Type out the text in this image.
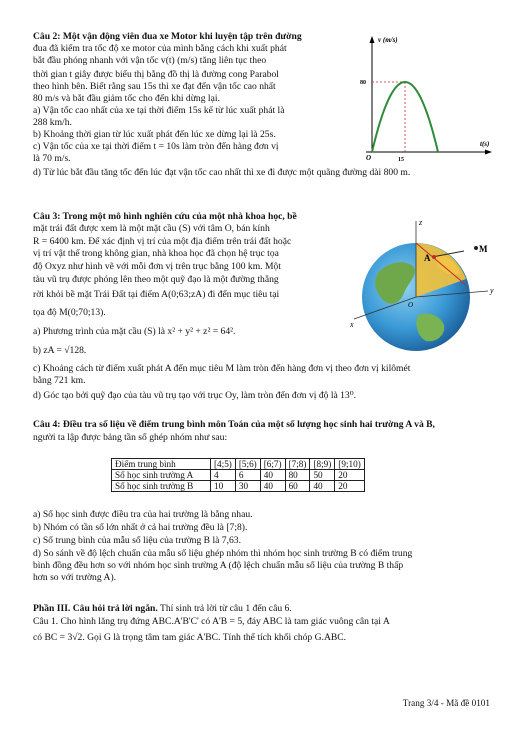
Câu 2: Một vận động viên đua xe Motor khi luyện tập trên đường

đua đã kiểm tra tốc độ xe motor của mình bằng cách khi xuất phát

bắt đầu phóng nhanh với vận tốc v(t) (m/s) tăng liên tục theo

thời gian t giây được biểu thị bằng đồ thị là đường cong Parabol

theo hình bên. Biết rằng sau 15s thì xe đạt đến vận tốc cao nhất

80 m/s và bắt đầu giảm tốc cho đến khi dừng lại.

a) Vận tốc cao nhất của xe tại thời điểm 15s kể từ lúc xuất phát là

288 km/h.

b) Khoảng thời gian từ lúc xuất phát đến lúc xe dừng lại là 25s.

c) Vận tốc của xe tại thời điểm t = 10s làm tròn đến hàng đơn vị

là 70 m/s.

d) Từ lúc bắt đầu tăng tốc đến lúc đạt vận tốc cao nhất thì xe đi được một quãng đường dài 800 m.

v (m/s)
t(s)
O
80
15

Câu 3: Trong một mô hình nghiên cứu của một nhà khoa học, bề

mặt trái đất được xem là một mặt cầu (S) với tâm O, bán kính

R = 6400 km. Để xác định vị trí của một địa điểm trên trái đất hoặc

vị trí vật thể trong không gian, nhà khoa học đã chọn hệ trục tọa

độ Oxyz như hình vẽ với mỗi đơn vị trên trục bằng 100 km. Một

tàu vũ trụ được phóng lên theo một quỹ đạo là một đường thẳng

rời khỏi bề mặt Trái Đất tại điểm A(0;63;zA) đi đến mục tiêu tại

tọa độ M(0;70;13).

a) Phương trình của mặt cầu (S) là x² + y² + z² = 64².

b) zA = √128.

c) Khoảng cách từ điểm xuất phát A đến mục tiêu M làm tròn đến hàng đơn vị theo đơn vị kilômét

bằng 721 km.

d) Góc tạo bởi quỹ đạo của tàu vũ trụ tạo với trục Oy, làm tròn đến đơn vị độ là 13⁰.

z
y
x
A
M
O

Câu 4: Điều tra số liệu về điểm trung bình môn Toán của một số lượng học sinh hai trường A và B,

người ta lập được bảng tần số ghép nhóm như sau:

Điểm trung bình	[4;5)	[5;6)	[6;7)	[7;8)	[8;9)	[9;10)
Số học sinh trường A	4	6	40	80	50	20
Số học sinh trường B	10	30	40	60	40	20

a) Số học sinh được điều tra của hai trường là bằng nhau.

b) Nhóm có tần số lớn nhất ở cả hai trường đều là [7;8).

c) Số trung bình của mẫu số liệu của trường B là 7,63.

d) So sánh về độ lệch chuẩn của mẫu số liệu ghép nhóm thì nhóm học sinh trường B có điểm trung

bình đồng đều hơn so với nhóm học sinh trường A (độ lệch chuẩn mẫu số liệu của trường B thấp

hơn so với trường A).

Phần III. Câu hỏi trả lời ngắn. Thí sinh trả lời từ câu 1 đến câu 6.

Câu 1. Cho hình lăng trụ đứng ABC.A'B'C' có A'B = 5, đáy ABC là tam giác vuông cân tại A

có BC = 3√2. Gọi G là trọng tâm tam giác A'BC. Tính thể tích khối chóp G.ABC.

Trang 3/4 - Mã đề 0101
